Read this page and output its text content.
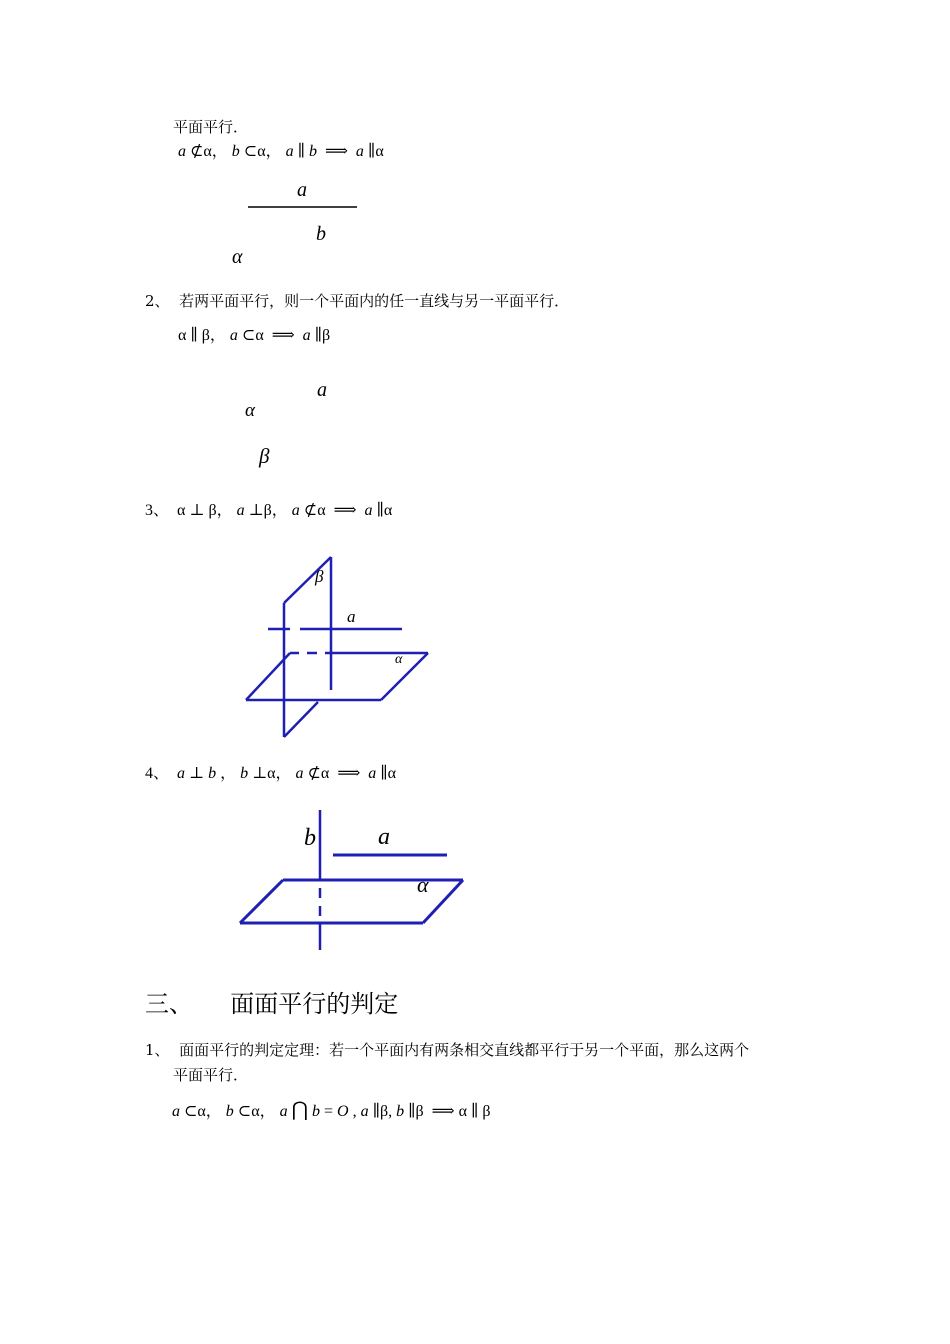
平面平行．
a ⊄α， b ⊂α， a ∥ b ⟹ a ∥α
a
b
α
2、 若两平面平行，则一个平面内的任一直线与另一平面平行．
α ∥ β， a ⊂α ⟹ a ∥β
a
α
β
3、 α ⊥ β， a ⊥β， a ⊄α ⟹ a ∥α
β
a
α
4、 a ⊥ b ， b ⊥α， a ⊄α ⟹ a ∥α
b	a
α
三、 面面平行的判定
1、 面面平行的判定定理：若一个平面内有两条相交直线都平行于另一个平面，那么这两个
平面平行．
a ⊂α， b ⊂α， a ⋂ b = O , a ∥β, b ∥β ⟹ α ∥ β
